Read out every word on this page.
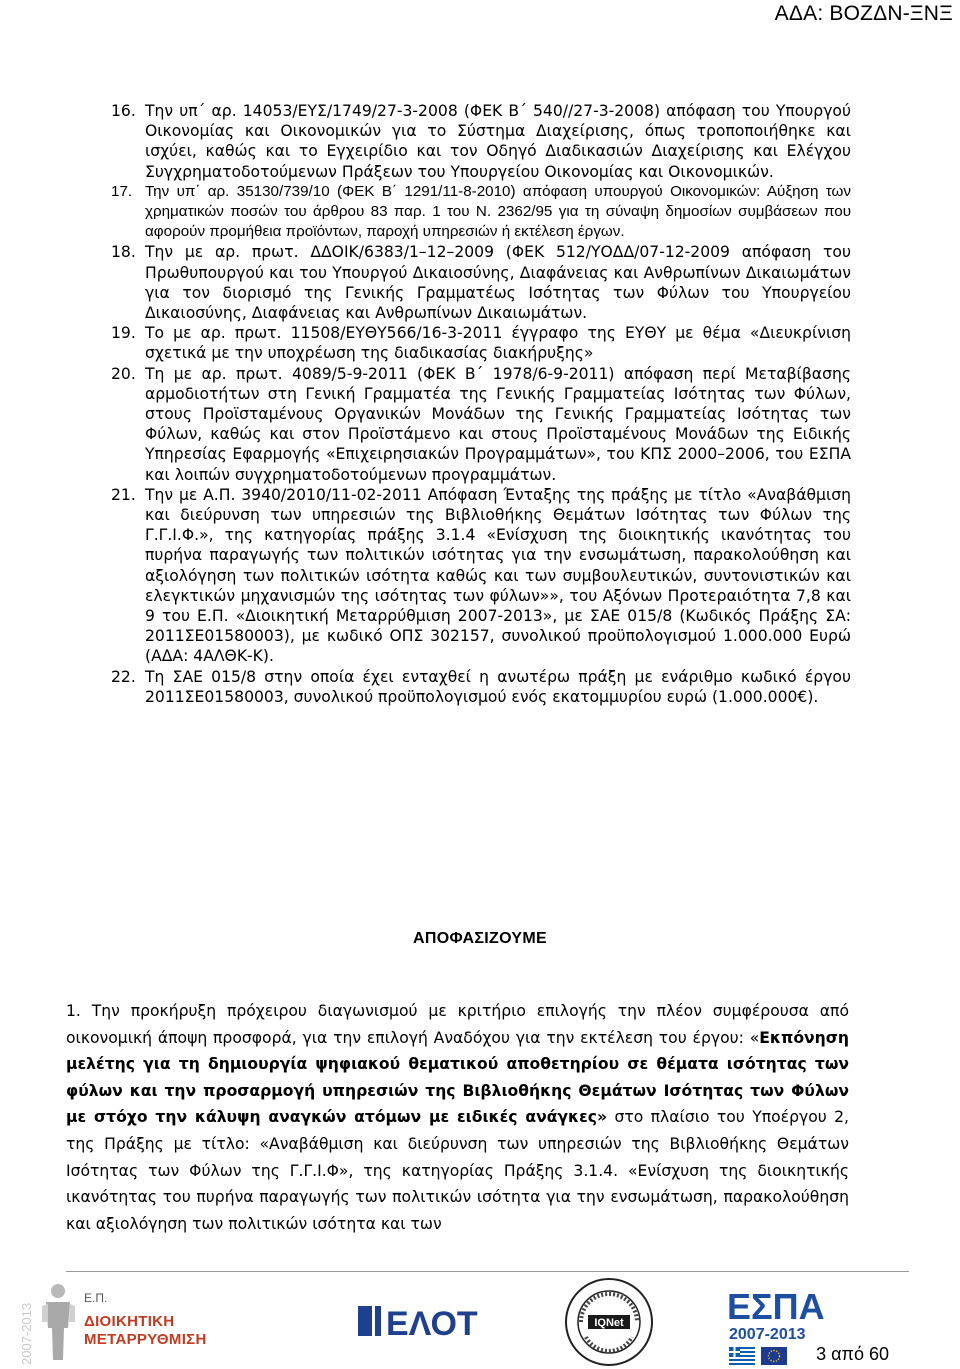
ΑΔΑ: ΒΟΖΔΝ-ΞΝΞ
16. Την υπ΄ αρ. 14053/ΕΥΣ/1749/27-3-2008 (ΦΕΚ Β΄ 540//27-3-2008) απόφαση του Υπουργού Οικονομίας και Οικονομικών για το Σύστημα Διαχείρισης, όπως τροποποιήθηκε και ισχύει, καθώς και το Εγχειρίδιο και τον Οδηγό Διαδικασιών Διαχείρισης και Ελέγχου Συγχρηματοδοτούμενων Πράξεων του Υπουργείου Οικονομίας και Οικονομικών.
17. Την υπ΄ αρ. 35130/739/10 (ΦΕΚ Β΄ 1291/11-8-2010) απόφαση υπουργού Οικονομικών: Αύξηση των χρηματικών ποσών του άρθρου 83 παρ. 1 του Ν. 2362/95 για τη σύναψη δημοσίων συμβάσεων που αφορούν προμήθεια προϊόντων, παροχή υπηρεσιών ή εκτέλεση έργων.
18. Την με αρ. πρωτ. ΔΔΟΙΚ/6383/1–12–2009 (ΦΕΚ 512/ΥΟΔΔ/07-12-2009 απόφαση του Πρωθυπουργού και του Υπουργού Δικαιοσύνης, Διαφάνειας και Ανθρωπίνων Δικαιωμάτων για τον διορισμό της Γενικής Γραμματέως Ισότητας των Φύλων του Υπουργείου Δικαιοσύνης, Διαφάνειας και Ανθρωπίνων Δικαιωμάτων.
19. Το με αρ. πρωτ. 11508/ΕΥΘΥ566/16-3-2011 έγγραφο της ΕΥΘΥ με θέμα «Διευκρίνιση σχετικά με την υποχρέωση της διαδικασίας διακήρυξης»
20. Τη με αρ. πρωτ. 4089/5-9-2011 (ΦΕΚ Β΄ 1978/6-9-2011) απόφαση περί Μεταβίβασης αρμοδιοτήτων στη Γενική Γραμματέα της Γενικής Γραμματείας Ισότητας των Φύλων, στους Προϊσταμένους Οργανικών Μονάδων της Γενικής Γραμματείας Ισότητας των Φύλων, καθώς και στον Προϊστάμενο και στους Προϊσταμένους Μονάδων της Ειδικής Υπηρεσίας Εφαρμογής «Επιχειρησιακών Προγραμμάτων», του ΚΠΣ 2000–2006, του ΕΣΠΑ και λοιπών συγχρηματοδοτούμενων προγραμμάτων.
21. Την με Α.Π. 3940/2010/11-02-2011 Απόφαση Ένταξης της πράξης με τίτλο «Αναβάθμιση και διεύρυνση των υπηρεσιών της Βιβλιοθήκης Θεμάτων Ισότητας των Φύλων της Γ.Γ.Ι.Φ.», της κατηγορίας πράξης 3.1.4 «Ενίσχυση της διοικητικής ικανότητας του πυρήνα παραγωγής των πολιτικών ισότητας για την ενσωμάτωση, παρακολούθηση και αξιολόγηση των πολιτικών ισότητα καθώς και των συμβουλευτικών, συντονιστικών και ελεγκτικών μηχανισμών της ισότητας των φύλων»», του Αξόνων Προτεραιότητα 7,8 και 9 του Ε.Π. «Διοικητική Μεταρρύθμιση 2007-2013», με ΣΑΕ 015/8 (Κωδικός Πράξης ΣΑ: 2011ΣΕ01580003), με κωδικό ΟΠΣ 302157, συνολικού προϋπολογισμού 1.000.000 Ευρώ (ΑΔΑ: 4ΑΛΘΚ-Κ).
22. Τη ΣΑΕ 015/8 στην οποία έχει ενταχθεί η ανωτέρω πράξη με ενάριθμο κωδικό έργου 2011ΣΕ01580003, συνολικού προϋπολογισμού ενός εκατομμυρίου ευρώ (1.000.000€).
ΑΠΟΦΑΣΙΖΟΥΜΕ
1. Την προκήρυξη πρόχειρου διαγωνισμού με κριτήριο επιλογής την πλέον συμφέρουσα από οικονομική άποψη προσφορά, για την επιλογή Αναδόχου για την εκτέλεση του έργου: «Εκπόνηση μελέτης για τη δημιουργία ψηφιακού θεματικού αποθετηρίου σε θέματα ισότητας των φύλων και την προσαρμογή υπηρεσιών της Βιβλιοθήκης Θεμάτων Ισότητας των Φύλων με στόχο την κάλυψη αναγκών ατόμων με ειδικές ανάγκες» στο πλαίσιο του Υποέργου 2, της Πράξης με τίτλο: «Αναβάθμιση και διεύρυνση των υπηρεσιών της Βιβλιοθήκης Θεμάτων Ισότητας των Φύλων της Γ.Γ.Ι.Φ», της κατηγορίας Πράξης 3.1.4. «Ενίσχυση της διοικητικής ικανότητας του πυρήνα παραγωγής των πολιτικών ισότητα για την ενσωμάτωση, παρακολούθηση και αξιολόγηση των πολιτικών ισότητα και των
2007-2013
Ε.Π.
ΔΙΟΙΚΗΤΙΚΗ
ΜΕΤΑΡΡΥΘΜΙΣΗ	ΕΛΟΤ	IQNet	ΕΣΠΑ
2007-2013
3 από 60
